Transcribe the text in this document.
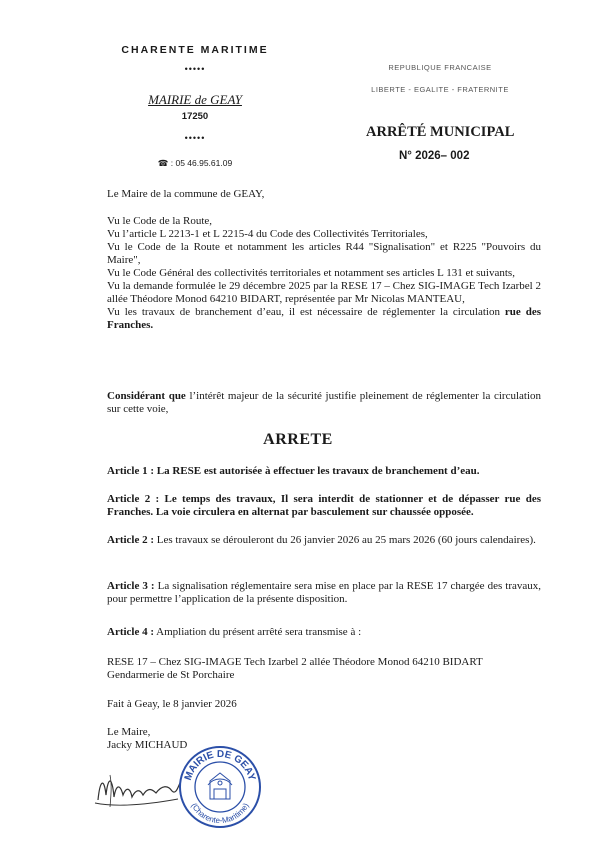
CHARENTE MARITIME
•••••
MAIRIE de GEAY
17250
•••••
☎ : 05 46.95.61.09
REPUBLIQUE FRANCAISE
LIBERTE - EGALITE - FRATERNITE
ARRÊTÉ MUNICIPAL
N° 2026– 002
Le Maire de la commune de GEAY,

Vu le Code de la Route,

Vu l’article L 2213-1 et L 2215-4 du Code des Collectivités Territoriales,

Vu le Code de la Route et notamment les articles R44 "Signalisation" et R225 "Pouvoirs du Maire",

Vu le Code Général des collectivités territoriales et notamment ses articles L 131 et suivants,

Vu la demande formulée le 29 décembre 2025 par la RESE 17 – Chez SIG-IMAGE Tech Izarbel 2 allée Théodore Monod 64210 BIDART, représentée par Mr Nicolas MANTEAU,

Vu les travaux de branchement d’eau, il est nécessaire de réglementer la circulation rue des Franches.

Considérant que l’intérêt majeur de la sécurité justifie pleinement de réglementer la circulation sur cette voie,

ARRETE

Article 1 : La RESE est autorisée à effectuer les travaux de branchement d’eau.

Article 2 : Le temps des travaux, Il sera interdit de stationner et de dépasser rue des Franches. La voie circulera en alternat par basculement sur chaussée opposée.

Article 2 : Les travaux se dérouleront du 26 janvier 2026 au 25 mars 2026 (60 jours calendaires).

Article 3 : La signalisation réglementaire sera mise en place par la RESE 17 chargée des travaux, pour permettre l’application de la présente disposition.

Article 4 : Ampliation du présent arrêté sera transmise à :

RESE 17 – Chez SIG-IMAGE Tech Izarbel 2 allée Théodore Monod 64210 BIDART

Gendarmerie de St Porchaire

Fait à Geay, le 8 janvier 2026
Le Maire,
Jacky MICHAUD
MAIRIE DE GEAY
(Charente-Maritime)
